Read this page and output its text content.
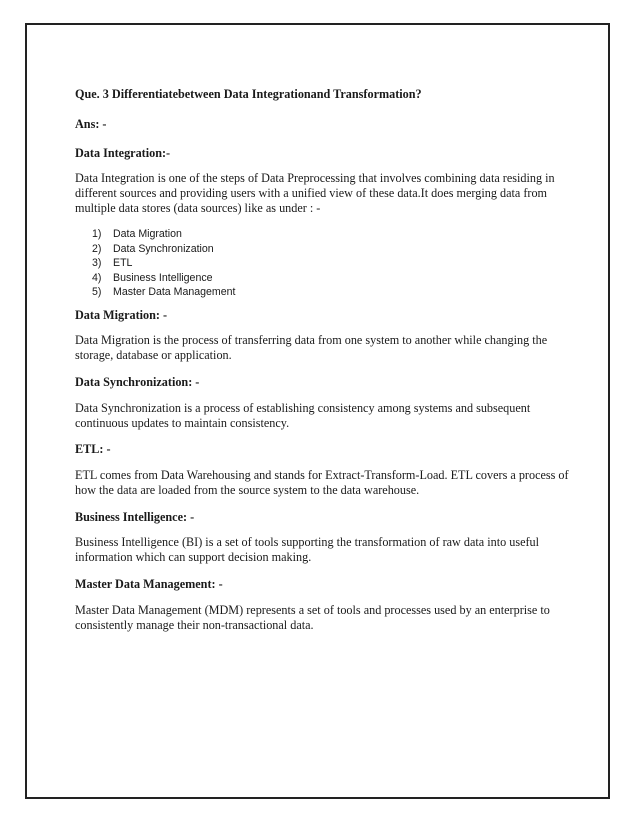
Que. 3 Differentiatebetween Data Integrationand Transformation?

Ans: -

Data Integration:-

Data Integration is one of the steps of Data Preprocessing that involves combining data residing in
different sources and providing users with a unified view of these data.It does merging data from
multiple data stores (data sources) like as under : -
1)	Data Migration
2)	Data Synchronization
3)	ETL
4)	Business Intelligence
5)	Master Data Management

Data Migration: -

Data Migration is the process of transferring data from one system to another while changing the
storage, database or application.

Data Synchronization: -

Data Synchronization is a process of establishing consistency among systems and subsequent
continuous updates to maintain consistency.

ETL: -

ETL comes from Data Warehousing and stands for Extract-Transform-Load. ETL covers a process of
how the data are loaded from the source system to the data warehouse.

Business Intelligence: -

Business Intelligence (BI) is a set of tools supporting the transformation of raw data into useful
information which can support decision making.

Master Data Management: -

Master Data Management (MDM) represents a set of tools and processes used by an enterprise to
consistently manage their non-transactional data.
